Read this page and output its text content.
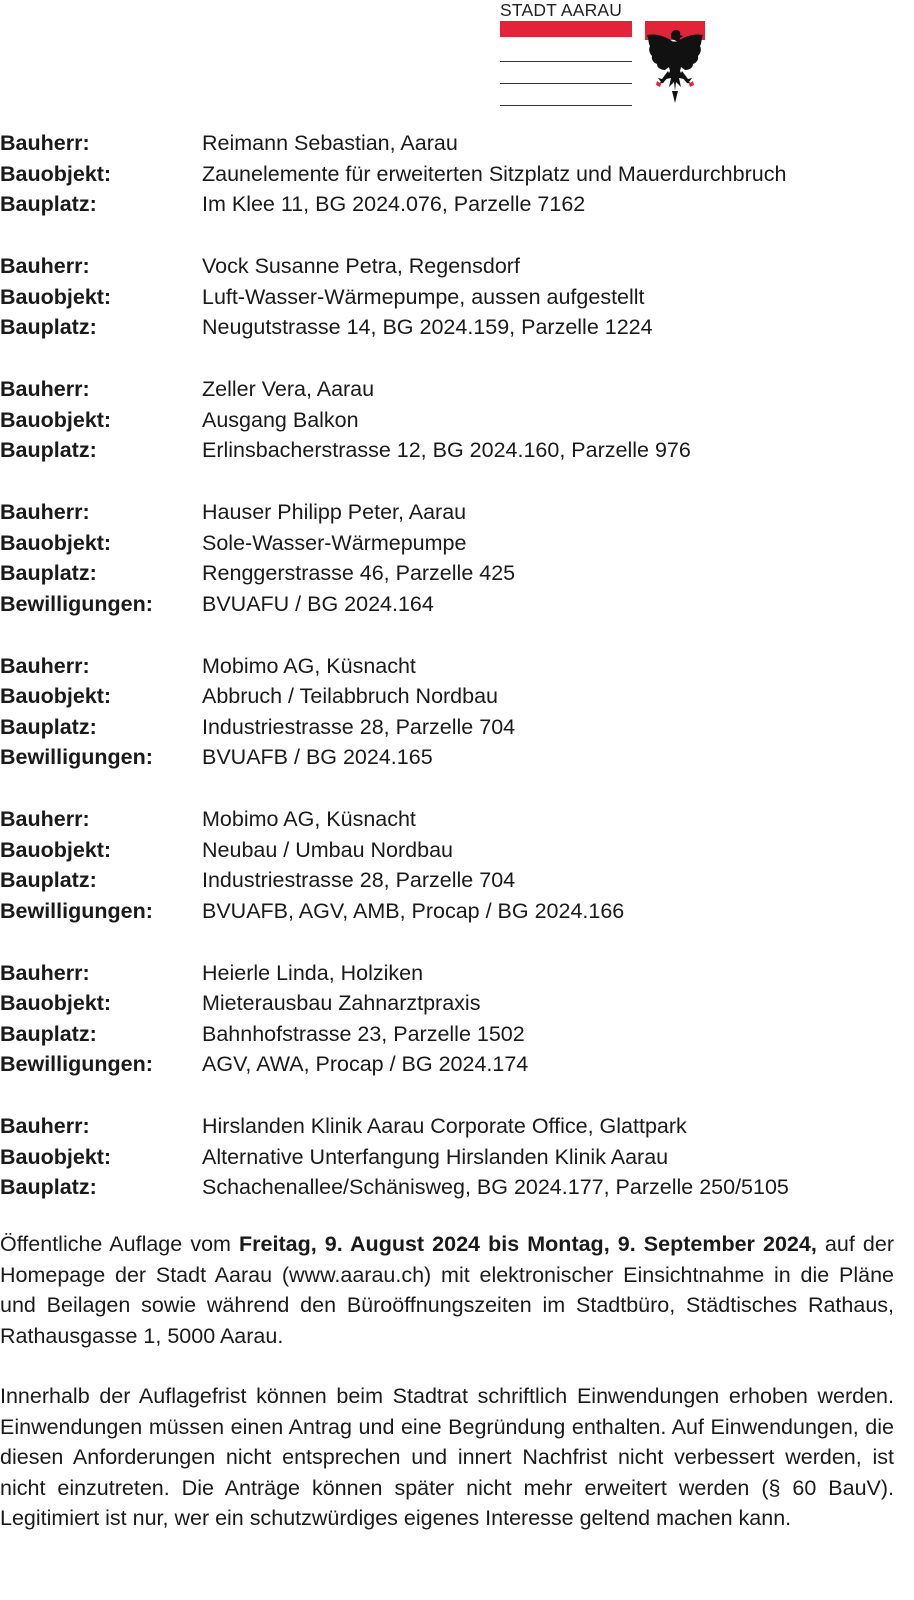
STADT AARAU
Bauherr:	Reimann Sebastian, Aarau
Bauobjekt:	Zaunelemente für erweiterten Sitzplatz und Mauerdurchbruch
Bauplatz:	Im Klee 11, BG 2024.076, Parzelle 7162
Bauherr:	Vock Susanne Petra, Regensdorf
Bauobjekt:	Luft-Wasser-Wärmepumpe, aussen aufgestellt
Bauplatz:	Neugutstrasse 14, BG 2024.159, Parzelle 1224
Bauherr:	Zeller Vera, Aarau
Bauobjekt:	Ausgang Balkon
Bauplatz:	Erlinsbacherstrasse 12, BG 2024.160, Parzelle 976
Bauherr:	Hauser Philipp Peter, Aarau
Bauobjekt:	Sole-Wasser-Wärmepumpe
Bauplatz:	Renggerstrasse 46, Parzelle 425
Bewilligungen:	BVUAFU / BG 2024.164
Bauherr:	Mobimo AG, Küsnacht
Bauobjekt:	Abbruch / Teilabbruch Nordbau
Bauplatz:	Industriestrasse 28, Parzelle 704
Bewilligungen:	BVUAFB / BG 2024.165
Bauherr:	Mobimo AG, Küsnacht
Bauobjekt:	Neubau / Umbau Nordbau
Bauplatz:	Industriestrasse 28, Parzelle 704
Bewilligungen:	BVUAFB, AGV, AMB, Procap / BG 2024.166
Bauherr:	Heierle Linda, Holziken
Bauobjekt:	Mieterausbau Zahnarztpraxis
Bauplatz:	Bahnhofstrasse 23, Parzelle 1502
Bewilligungen:	AGV, AWA, Procap / BG 2024.174
Bauherr:	Hirslanden Klinik Aarau Corporate Office, Glattpark
Bauobjekt:	Alternative Unterfangung Hirslanden Klinik Aarau
Bauplatz:	Schachenallee/Schänisweg, BG 2024.177, Parzelle 250/5105

Öffentliche Auflage vom Freitag, 9. August 2024 bis Montag, 9. September 2024, auf der Homepage der Stadt Aarau (www.aarau.ch) mit elektronischer Einsichtnahme in die Pläne und Beilagen sowie während den Büroöffnungszeiten im Stadtbüro, Städtisches Rathaus, Rathausgasse 1, 5000 Aarau.

Innerhalb der Auflagefrist können beim Stadtrat schriftlich Einwendungen erhoben werden. Einwendungen müssen einen Antrag und eine Begründung enthalten. Auf Einwendungen, die diesen Anforderungen nicht entsprechen und innert Nachfrist nicht verbessert werden, ist nicht einzutreten. Die Anträge können später nicht mehr erweitert werden (§ 60 BauV). Legitimiert ist nur, wer ein schutzwürdiges eigenes Interesse geltend machen kann.
